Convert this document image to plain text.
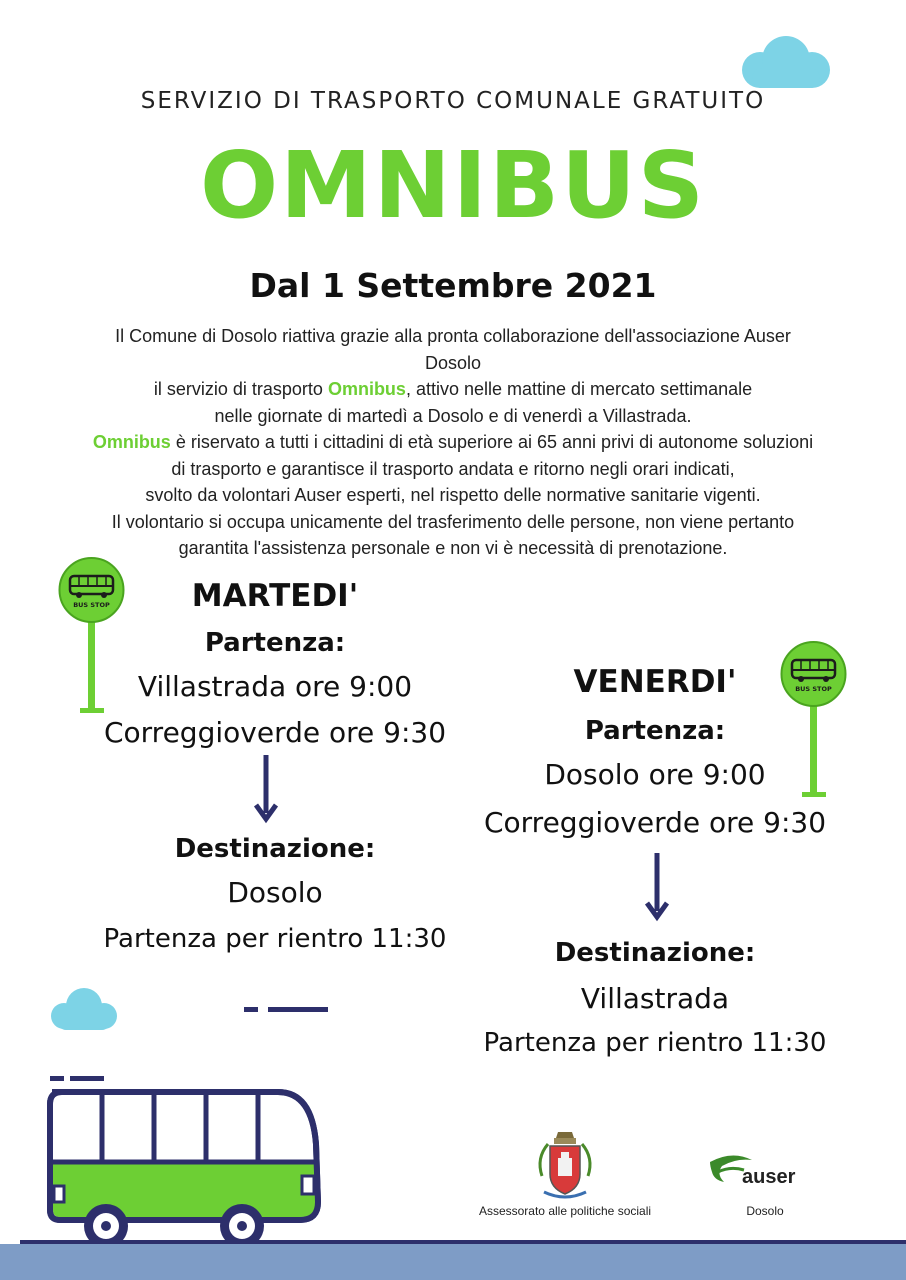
SERVIZIO DI TRASPORTO COMUNALE GRATUITO
OMNIBUS
Dal 1 Settembre 2021
Il Comune di Dosolo riattiva grazie alla pronta collaborazione dell'associazione Auser
Dosolo
il servizio di trasporto Omnibus, attivo nelle mattine di mercato settimanale
nelle giornate di martedì a Dosolo e di venerdì a Villastrada.
Omnibus è riservato a tutti i cittadini di età superiore ai 65 anni privi di autonome soluzioni
di trasporto e garantisce il trasporto andata e ritorno negli orari indicati,
svolto da volontari Auser esperti, nel rispetto delle normative sanitarie vigenti.
Il volontario si occupa unicamente del trasferimento delle persone, non viene pertanto
garantita l'assistenza personale e non vi è necessità di prenotazione.
BUS STOP
BUS STOP
MARTEDI'
Partenza:
Villastrada ore 9:00
Correggioverde ore 9:30
Destinazione:
Dosolo
Partenza per rientro 11:30
VENERDI'
Partenza:
Dosolo ore 9:00
Correggioverde ore 9:30
Destinazione:
Villastrada
Partenza per rientro 11:30
Assessorato alle politiche sociali
auser
Dosolo
